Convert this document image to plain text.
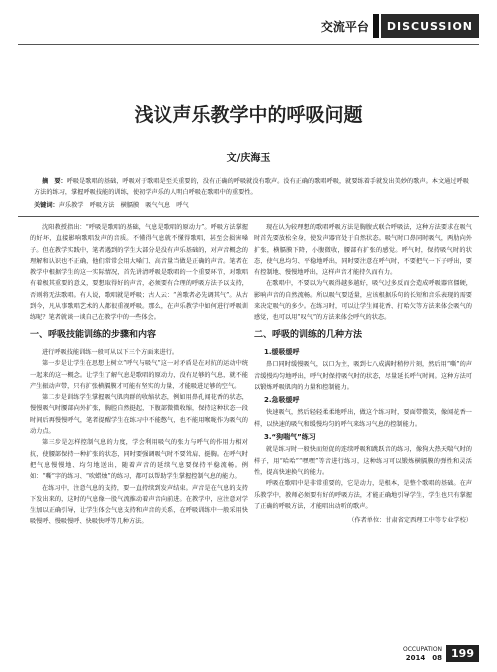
交流平台	DISCUSSION
浅议声乐教学中的呼吸问题
文/庆海玉
摘　要：呼吸是歌唱的基础，呼吸对于歌唱是至关重要的，没有正确的呼吸就没有歌声。没有正确的歌唱呼吸，就要练着手就发出美妙的歌声。本文通过呼吸方法的练习，掌握呼吸技能的训练，使初学声乐的人明白呼吸在歌唱中的重要性。
关键词：声乐教学　呼吸方法　横膈膜　吸气气息　呼气

沈阳教授指出：“呼吸是歌唱的基础，气息是歌唱的原动力”。呼吸方法掌握的好坏，直接影响歌唱发声的音质。不懂得气息就不懂得歌唱，甚至会损害嗓子。但在教学实践中，笔者遇到的学生大部分是没有声乐基础的，对声音概念的理解和认识也不正确，他们常常会用大嗓门、高音量当做是正确的声音。笔者在教学中根据学生的这一实际情况，首先讲清呼吸是歌唱的一个重要环节，对歌唱有着极其重要的意义，要想取得好的声音，必须要有合理的呼吸方法予以支持，否则将无法歌唱。有人说，歌唱就是呼吸；古人云：“善歌者必先调其气”。从古到今，凡从事歌唱艺术的人都很重视呼吸。那么，在声乐教学中如何进行呼吸训练呢？笔者就谈一谈自己在教学中的一些体会。

一、呼吸技能训练的步骤和内容

进行呼吸技能训练一般可从以下三个方面来进行。

第一步是让学生在思想上树立“呼气与吸气”这一对矛盾是在对抗的运动中统一起来的这一概念。让学生了解气息是歌唱的原动力，没有足够的气息，就不能产生振动声带，只有扩张横膈膜才可能有坚实的力量，才能吸进足够的空气。

第二步是训练学生掌握吸气肌肉群的收缩状态，例如用鼻孔闻花香的状态，慢慢吸气时腰部向外扩张，胸腔自然挺起，下腹部微微收缩，保持这种状态一段时间后再慢慢呼气，笔者提醒学生在练习中不能憋气，也不能用喉咙作为吸气的动力点。

第三步是怎样控制气息的力度，学会利用吸气的张力与呼气的作用力相对抗，使腰部保持一种扩张的状态，同时要强调吸气时不要耸肩、挺胸。在呼气时把气息慢慢地、均匀地送出，随着声音的延续气息要保持平稳流畅。例如：“嘶”字的练习、“吹蜡烛”的练习，都可以帮助学生掌握控制气息的能力。

在练习中，注意气息的支持，要一直持续到发声结束。声音是在气息的支持下发出来的，这时的气息像一股气流推动着声音向前进。在教学中，应注意对学生加以正确引导，让学生体会气息支持和声音的关系，在呼吸训练中一般采用快吸慢呼、慢吸慢呼、快吸快呼等几种方法。

现在认为较理想的歌唱呼吸方法是胸腹式联合呼吸法，这种方法要求在吸气时首先要放松全身，使发声器官处于自然状态。吸气时口鼻同时吸气，两肋向外扩张，横膈膜下降，小腹微收，腰部有扩张的感觉。呼气时，保持吸气时的状态，使气息均匀、平稳地呼出，同时要注意在呼气时，不要把气一下子呼出，要有控制地、慢慢地呼出，这样声音才能持久而有力。

在歌唱中，不要以为气吸得越多越好，吸气过多反而会造成呼吸器官僵硬，影响声音的自然流畅。所以吸气要适量，应该根据乐句的长短和音乐表现的需要来决定吸气的多少。在练习时，可以让学生闻花香、打哈欠等方法来体会吸气的感觉，也可以用“叹气”的方法来体会呼气的状态。

二、呼吸的训练的几种方法
1.缓吸缓呼

鼻口同时缓慢吸气，以口为主，吸到七八成满时稍停片刻，然后用“嘶”的声音缓慢均匀地呼出，呼气时保持吸气时的状态，尽量延长呼气时间。这种方法可以锻炼呼吸肌肉的力量和控制能力。

2.急吸缓呼

快速吸气，然后轻轻柔柔地呼出，做这个练习时，要面带微笑，像闻花香一样，以快速的吸气和缓慢均匀的呼气来练习气息的控制能力。

3.“狗喘气”练习

就是练习时一般快而短促的连续呼吸和跳跃音的练习，像狗大热天喘气时的样子，用“哈哈”“嘿嘿”等音进行练习，这种练习可以锻炼横膈膜的弹性和灵活性，提高快速换气的能力。

呼吸在歌唱中是非常重要的，它是动力，是根本，是整个歌唱的基础。在声乐教学中，教师必须要有好的呼吸方法，才能正确地引导学生，学生也只有掌握了正确的呼吸方法，才能唱出动听的歌声。

（作者单位：甘肃省定西理工中等专业学校）

OCCUPATION
2014　08 199
